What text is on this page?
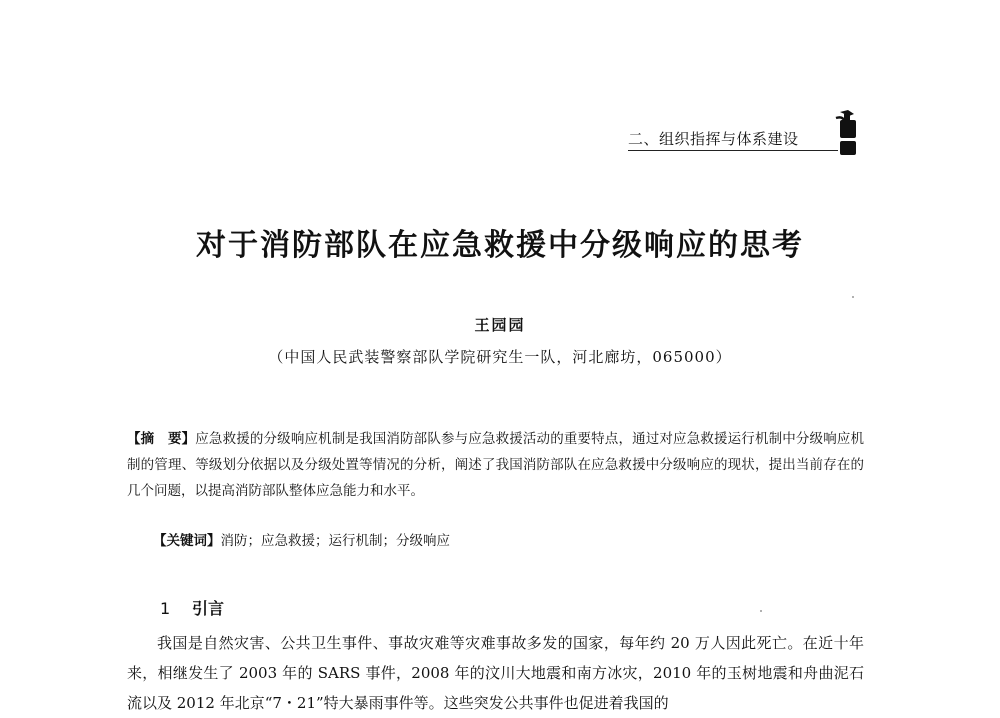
二、组织指挥与体系建设
对于消防部队在应急救援中分级响应的思考
王园园
（中国人民武装警察部队学院研究生一队，河北廊坊，065000）
【摘　要】应急救援的分级响应机制是我国消防部队参与应急救援活动的重要特点，通过对应急救援运行机制中分级响应机制的管理、等级划分依据以及分级处置等情况的分析，阐述了我国消防部队在应急救援中分级响应的现状，提出当前存在的几个问题，以提高消防部队整体应急能力和水平。
【关键词】消防；应急救援；运行机制；分级响应
1 引言
我国是自然灾害、公共卫生事件、事故灾难等灾难事故多发的国家，每年约 20 万人因此死亡。在近十年来，相继发生了 2003 年的 SARS 事件，2008 年的汶川大地震和南方冰灾，2010 年的玉树地震和舟曲泥石流以及 2012 年北京“7・21”特大暴雨事件等。这些突发公共事件也促进着我国的
